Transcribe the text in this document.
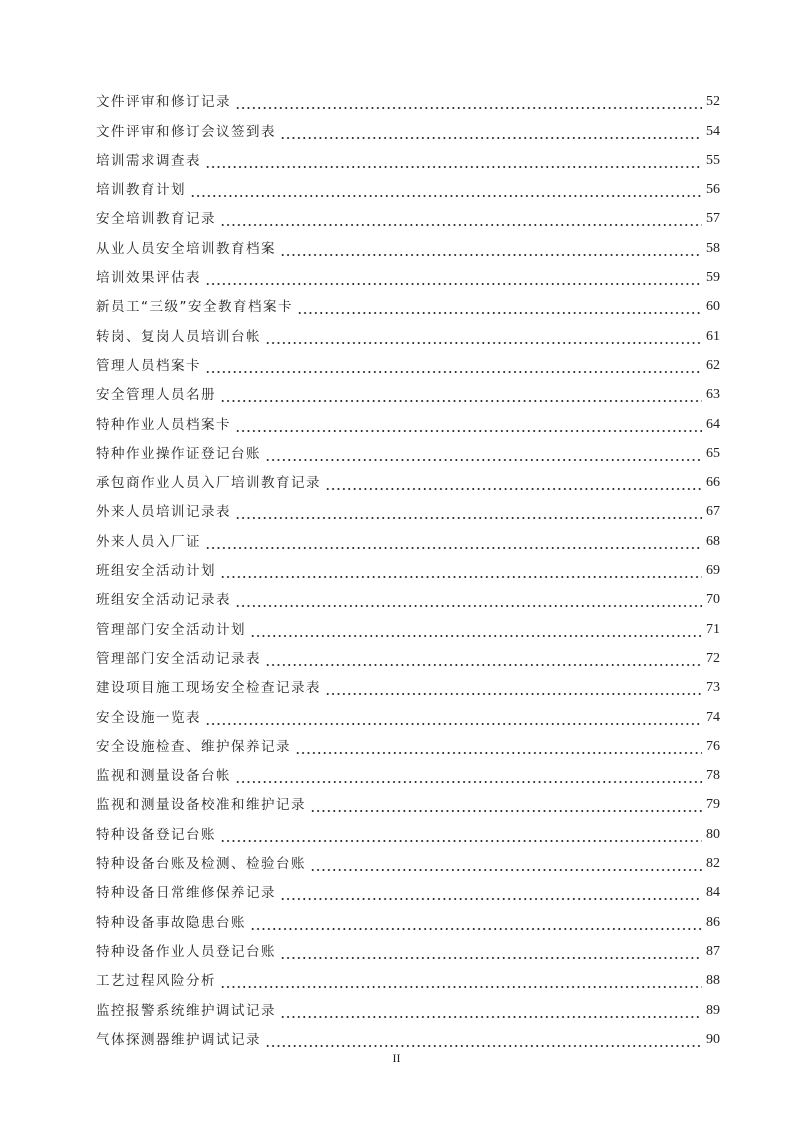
文件评审和修订记录	52
文件评审和修订会议签到表	54
培训需求调查表	55
培训教育计划	56
安全培训教育记录	57
从业人员安全培训教育档案	58
培训效果评估表	59
新员工“三级”安全教育档案卡	60
转岗、复岗人员培训台帐	61
管理人员档案卡	62
安全管理人员名册	63
特种作业人员档案卡	64
特种作业操作证登记台账	65
承包商作业人员入厂培训教育记录	66
外来人员培训记录表	67
外来人员入厂证	68
班组安全活动计划	69
班组安全活动记录表	70
管理部门安全活动计划	71
管理部门安全活动记录表	72
建设项目施工现场安全检查记录表	73
安全设施一览表	74
安全设施检查、维护保养记录	76
监视和测量设备台帐	78
监视和测量设备校准和维护记录	79
特种设备登记台账	80
特种设备台账及检测、检验台账	82
特种设备日常维修保养记录	84
特种设备事故隐患台账	86
特种设备作业人员登记台账	87
工艺过程风险分析	88
监控报警系统维护调试记录	89
气体探测器维护调试记录	90
II
